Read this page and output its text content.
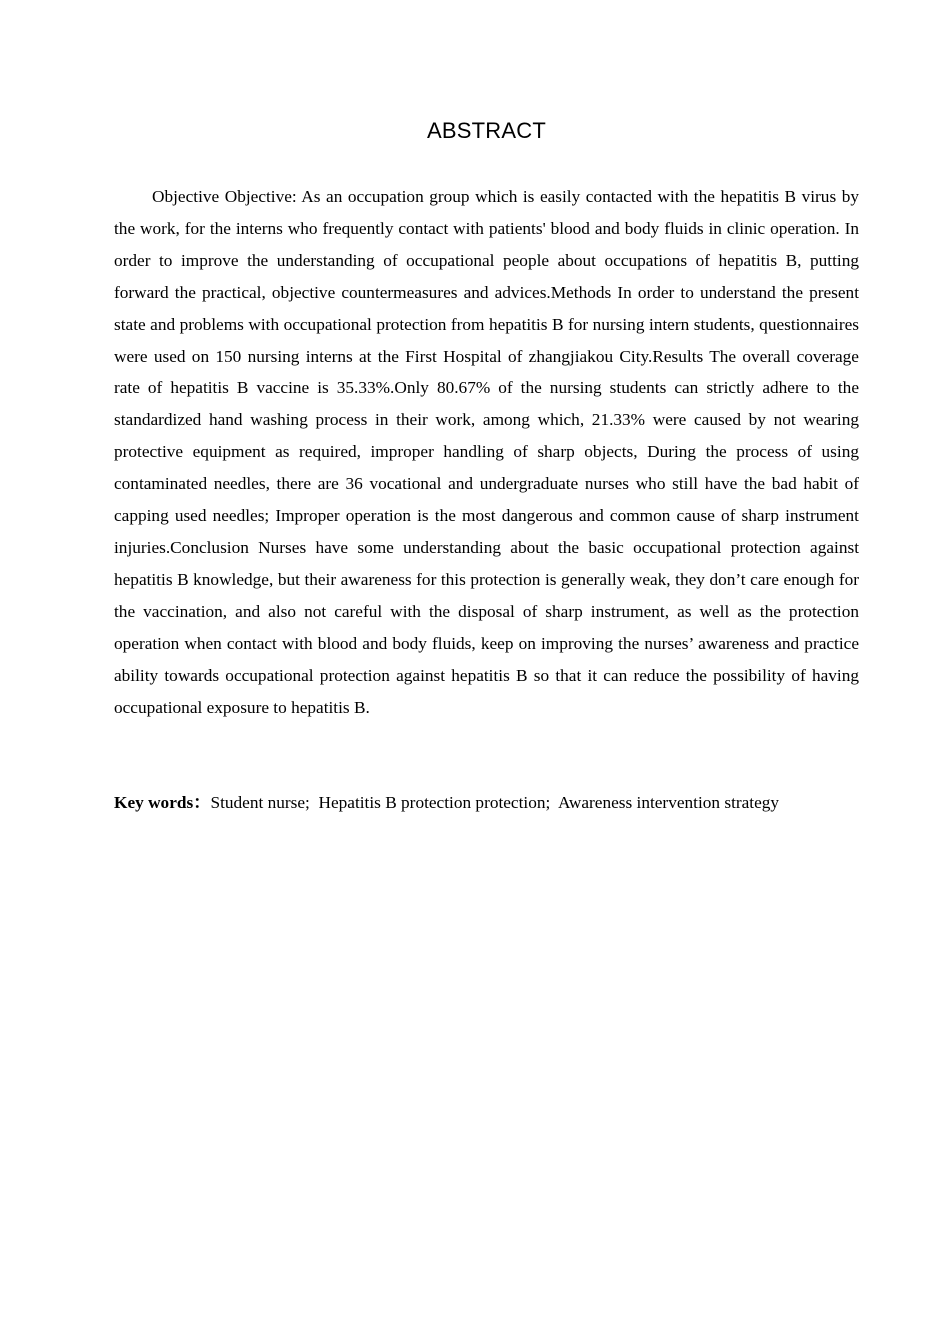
ABSTRACT

Objective Objective: As an occupation group which is easily contacted with the hepatitis B virus by the work, for the interns who frequently contact with patients' blood and body fluids in clinic operation. In order to improve the understanding of occupational people about occupations of hepatitis B, putting forward the practical, objective countermeasures and advices.Methods In order to understand the present state and problems with occupational protection from hepatitis B for nursing intern students, questionnaires were used on 150 nursing interns at the First Hospital of zhangjiakou City.Results The overall coverage rate of hepatitis B vaccine is 35.33%.Only 80.67% of the nursing students can strictly adhere to the standardized hand washing process in their work, among which, 21.33% were caused by not wearing protective equipment as required, improper handling of sharp objects, During the process of using contaminated needles, there are 36 vocational and undergraduate nurses who still have the bad habit of capping used needles; Improper operation is the most dangerous and common cause of sharp instrument injuries.Conclusion Nurses have some understanding about the basic occupational protection against hepatitis B knowledge, but their awareness for this protection is generally weak, they don’t care enough for the vaccination, and also not careful with the disposal of sharp instrument, as well as the protection operation when contact with blood and body fluids, keep on improving the nurses’ awareness and practice ability towards occupational protection against hepatitis B so that it can reduce the possibility of having occupational exposure to hepatitis B.

Key words：Student nurse;  Hepatitis B protection protection;  Awareness intervention strategy
